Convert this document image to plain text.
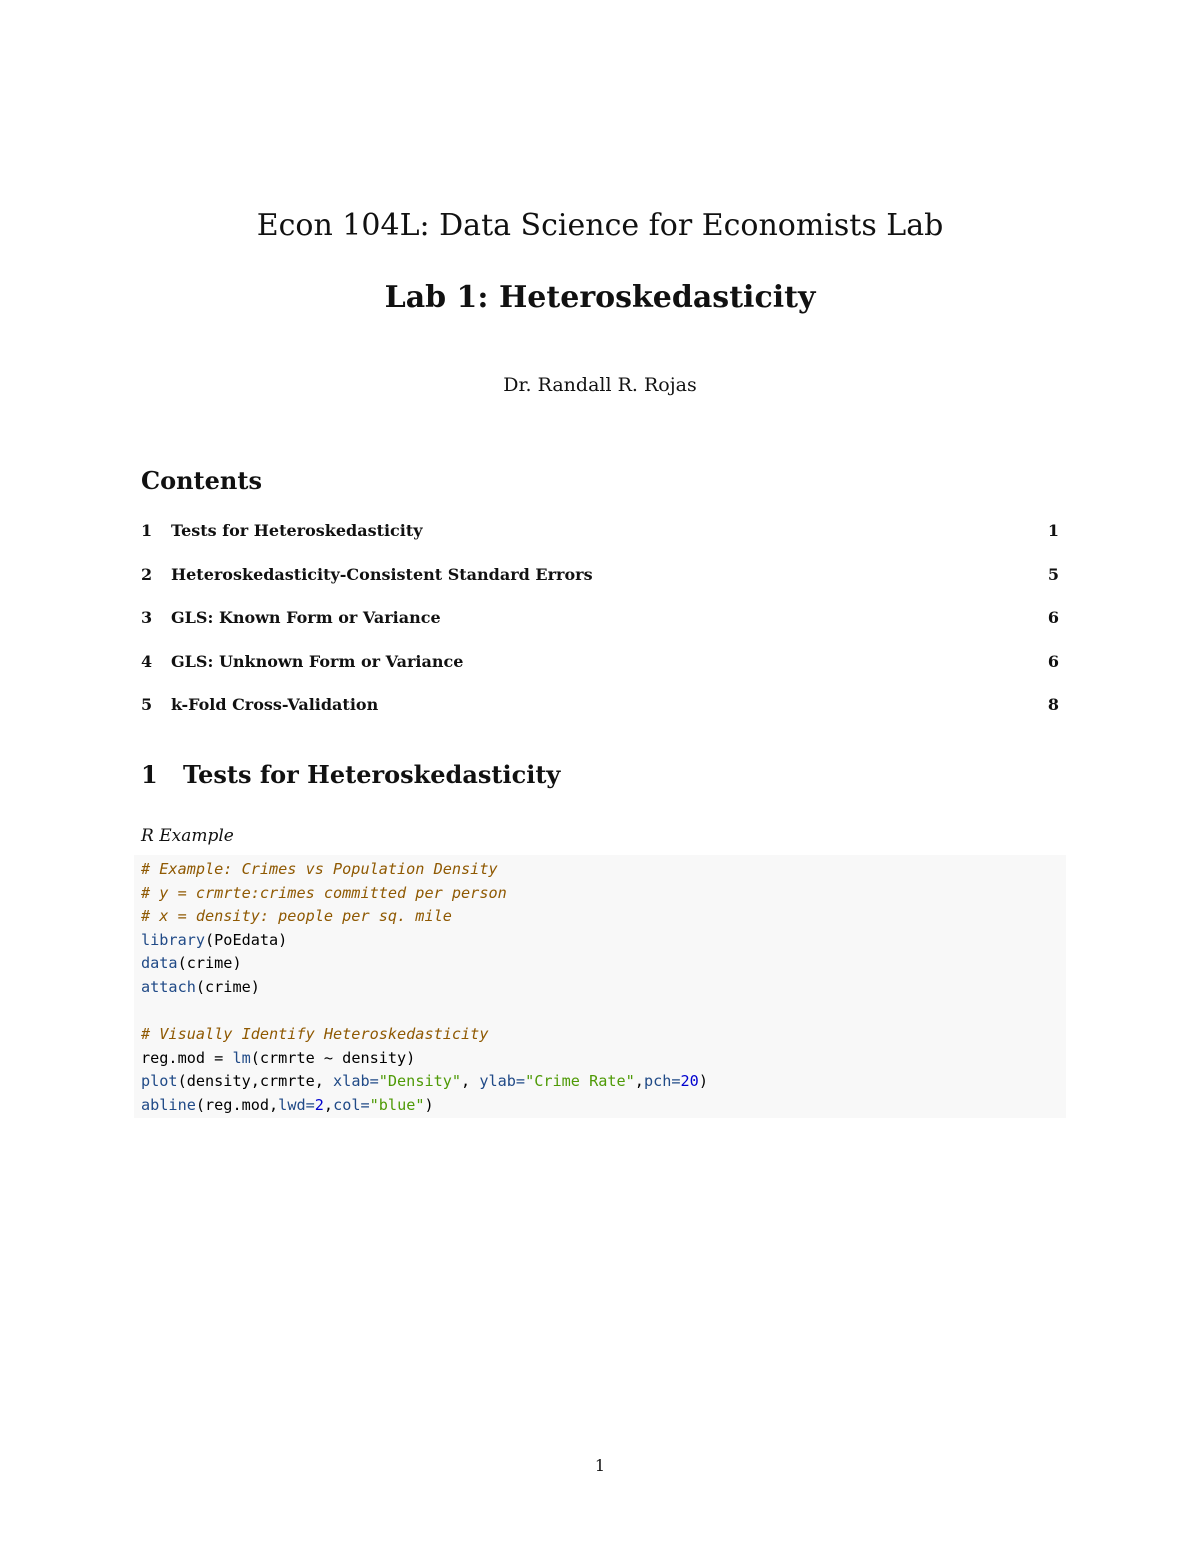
Econ 104L: Data Science for Economists Lab
Lab 1: Heteroskedasticity

Dr. Randall R. Rojas

Contents
1 Tests for Heteroskedasticity	1
2 Heteroskedasticity-Consistent Standard Errors	5
3 GLS: Known Form or Variance	6
4 GLS: Unknown Form or Variance	6
5 k-Fold Cross-Validation	8
1 Tests for Heteroskedasticity

R Example

# Example: Crimes vs Population Density
# y = crmrte:crimes committed per person
# x = density: people per sq. mile
library(PoEdata)
data(crime)
attach(crime)
# Visually Identify Heteroskedasticity
reg.mod = lm(crmrte ~ density)
plot(density,crmrte, xlab="Density", ylab="Crime Rate",pch=20)
abline(reg.mod,lwd=2,col="blue")
1
